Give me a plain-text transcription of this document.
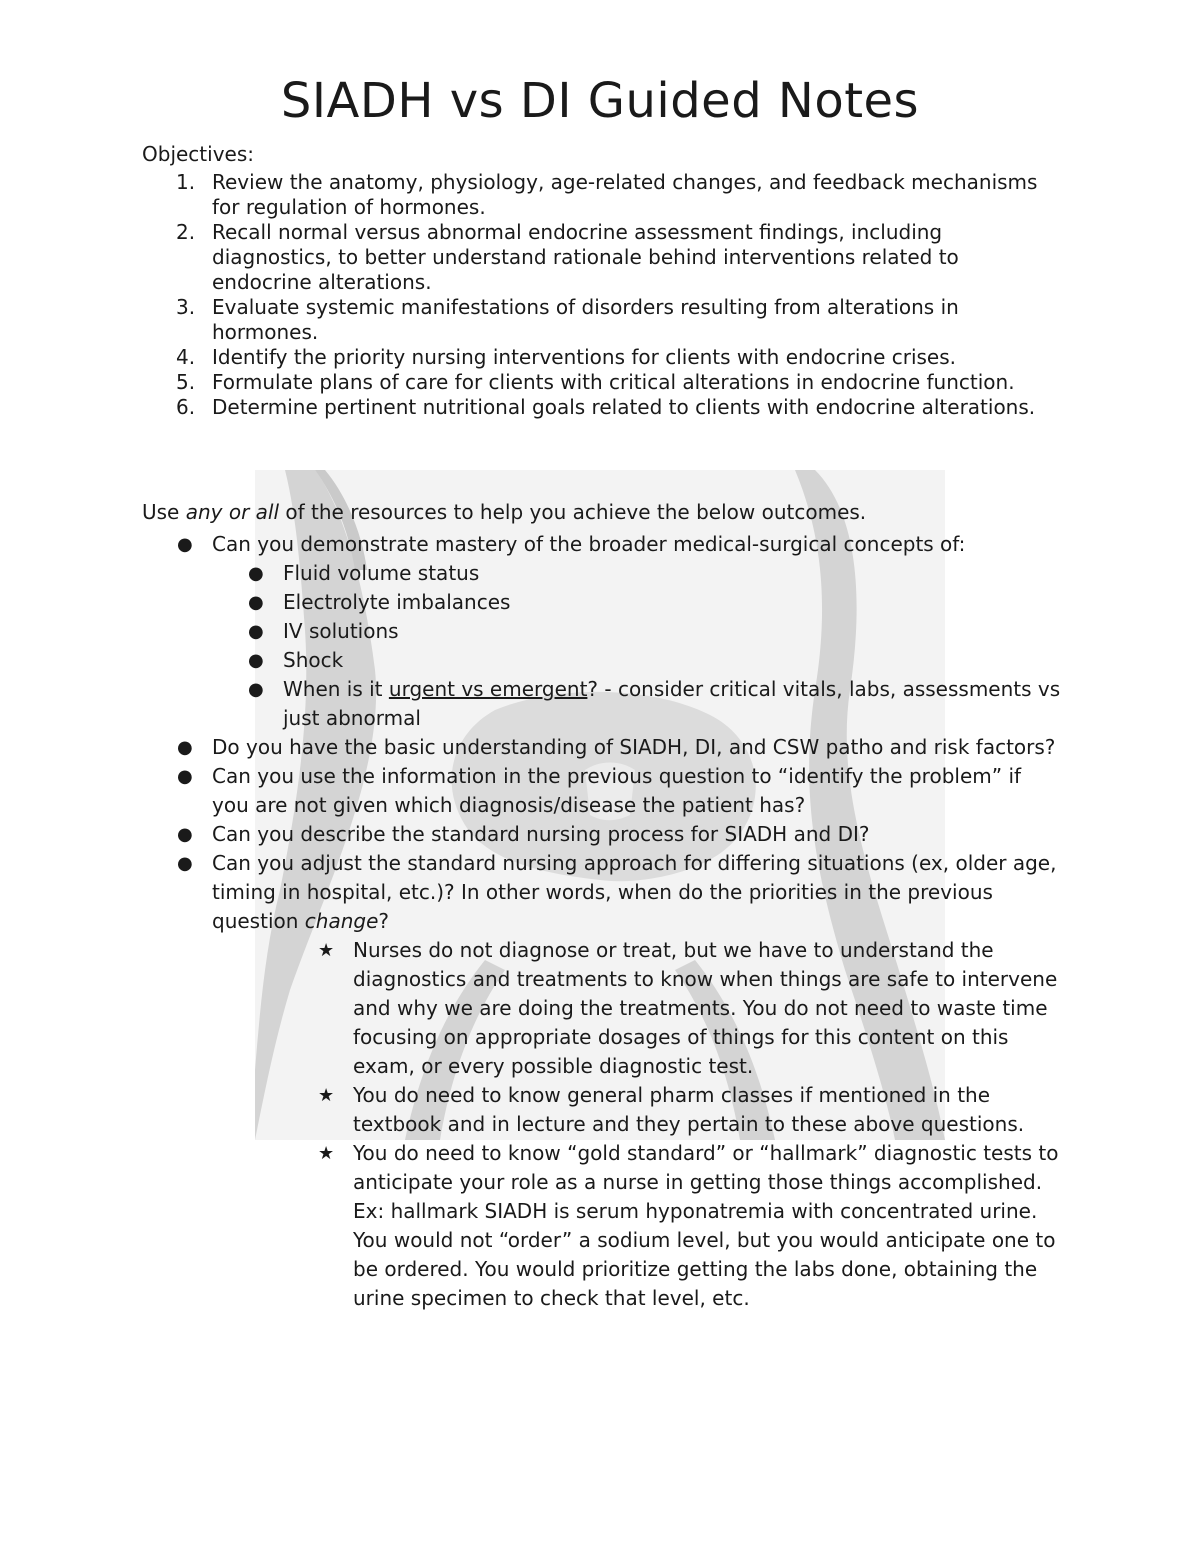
SIADH vs DI Guided Notes
Objectives:
1. Review the anatomy, physiology, age-related changes, and feedback mechanisms for regulation of hormones.
2. Recall normal versus abnormal endocrine assessment findings, including diagnostics, to better understand rationale behind interventions related to endocrine alterations.
3. Evaluate systemic manifestations of disorders resulting from alterations in hormones.
4. Identify the priority nursing interventions for clients with endocrine crises.
5. Formulate plans of care for clients with critical alterations in endocrine function.
6. Determine pertinent nutritional goals related to clients with endocrine alterations.
Use any or all of the resources to help you achieve the below outcomes.
● Can you demonstrate mastery of the broader medical-surgical concepts of:
● Fluid volume status
● Electrolyte imbalances
● IV solutions
● Shock
● When is it urgent vs emergent? - consider critical vitals, labs, assessments vs just abnormal
● Do you have the basic understanding of SIADH, DI, and CSW patho and risk factors?
● Can you use the information in the previous question to “identify the problem” if you are not given which diagnosis/disease the patient has?
● Can you describe the standard nursing process for SIADH and DI?
● Can you adjust the standard nursing approach for differing situations (ex, older age, timing in hospital, etc.)? In other words, when do the priorities in the previous question change?
★ Nurses do not diagnose or treat, but we have to understand the diagnostics and treatments to know when things are safe to intervene and why we are doing the treatments. You do not need to waste time focusing on appropriate dosages of things for this content on this exam, or every possible diagnostic test.
★ You do need to know general pharm classes if mentioned in the textbook and in lecture and they pertain to these above questions.
★ You do need to know “gold standard” or “hallmark” diagnostic tests to anticipate your role as a nurse in getting those things accomplished. Ex: hallmark SIADH is serum hyponatremia with concentrated urine. You would not “order” a sodium level, but you would anticipate one to be ordered. You would prioritize getting the labs done, obtaining the urine specimen to check that level, etc.
